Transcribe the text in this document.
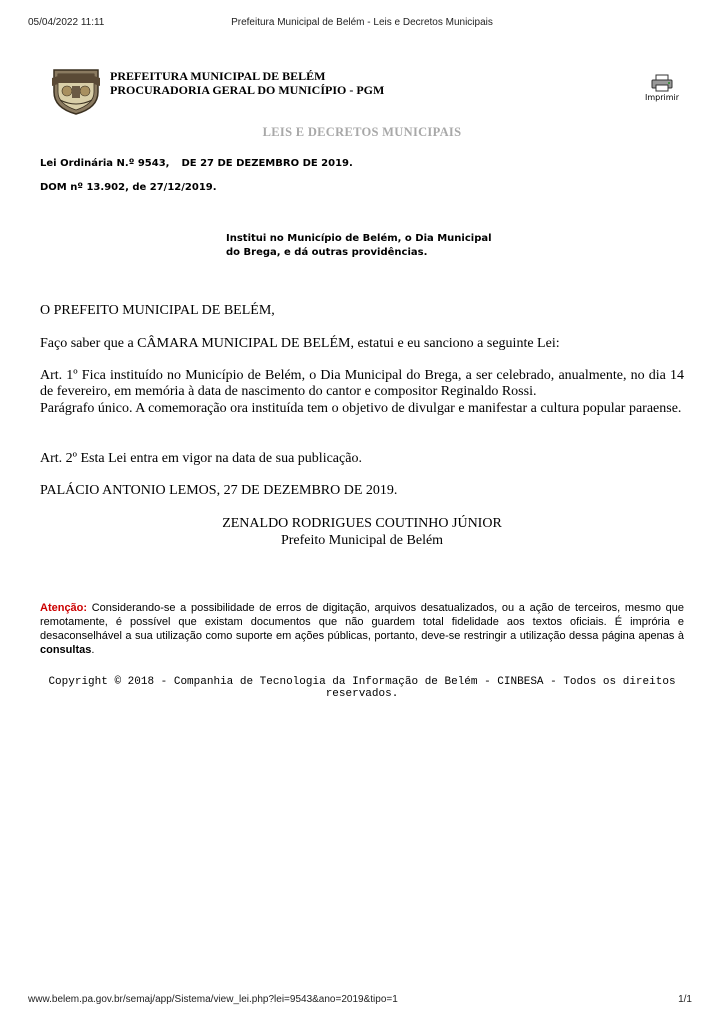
05/04/2022 11:11	Prefeitura Municipal de Belém - Leis e Decretos Municipais
PREFEITURA MUNICIPAL DE BELÉM
PROCURADORIA GERAL DO MUNICÍPIO - PGM
Imprimir
LEIS E DECRETOS MUNICIPAIS
Lei Ordinária N.º 9543, DE 27 DE DEZEMBRO DE 2019.
DOM nº 13.902, de 27/12/2019.
Institui no Município de Belém, o Dia Municipal
do Brega, e dá outras providências.

O PREFEITO MUNICIPAL DE BELÉM,

Faço saber que a CÂMARA MUNICIPAL DE BELÉM, estatui e eu sanciono a seguinte Lei:

Art. 1º Fica instituído no Município de Belém, o Dia Municipal do Brega, a ser celebrado, anualmente, no dia 14 de fevereiro, em memória à data de nascimento do cantor e compositor Reginaldo Rossi.

Parágrafo único. A comemoração ora instituída tem o objetivo de divulgar e manifestar a cultura popular paraense.

Art. 2º Esta Lei entra em vigor na data de sua publicação.

PALÁCIO ANTONIO LEMOS, 27 DE DEZEMBRO DE 2019.

ZENALDO RODRIGUES COUTINHO JÚNIOR
Prefeito Municipal de Belém

Atenção: Considerando-se a possibilidade de erros de digitação, arquivos desatualizados, ou a ação de terceiros, mesmo que remotamente, é possível que existam documentos que não guardem total fidelidade aos textos oficiais. É imprória e desaconselhável a sua utilização como suporte em ações públicas, portanto, deve-se restringir a utilização dessa página apenas à consultas.

Copyright © 2018 - Companhia de Tecnologia da Informação de Belém - CINBESA - Todos os direitos
reservados.
www.belem.pa.gov.br/semaj/app/Sistema/view_lei.php?lei=9543&ano=2019&tipo=1	1/1
